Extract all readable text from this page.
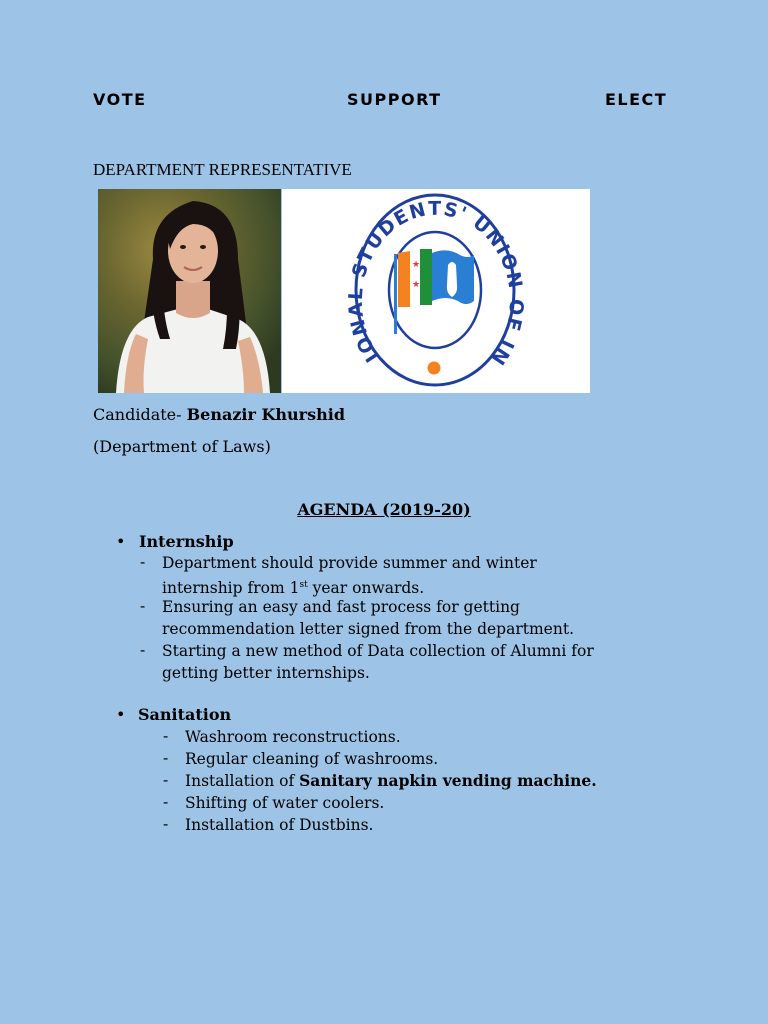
VOTE	SUPPORT	ELECT
DEPARTMENT REPRESENTATIVE
IONAL STUDENTS' UNION OF IN
★
★
Candidate- Benazir Khurshid
(Department of Laws)
AGENDA (2019-20)
• Internship
- Department should provide summer and winter
internship from 1st year onwards.
- Ensuring an easy and fast process for getting
recommendation letter signed from the department.
- Starting a new method of Data collection of Alumni for
getting better internships.
• Sanitation
- Washroom reconstructions.
- Regular cleaning of washrooms.
- Installation of Sanitary napkin vending machine.
- Shifting of water coolers.
- Installation of Dustbins.
